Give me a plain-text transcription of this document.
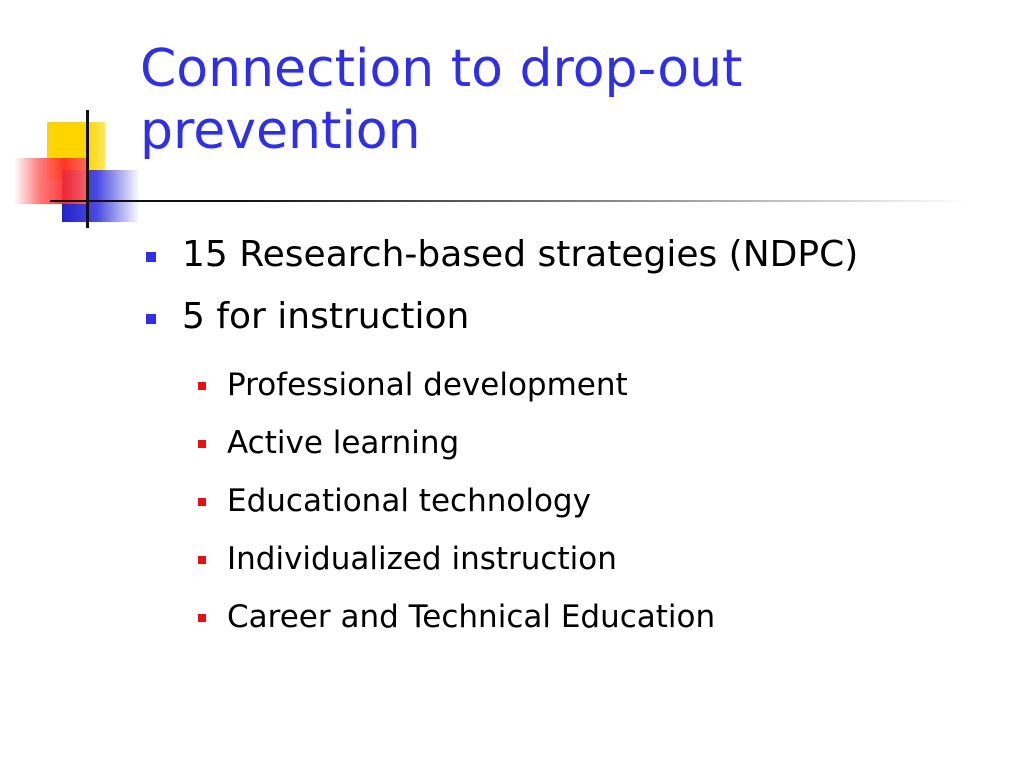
Connection to drop-out
prevention
15 Research-based strategies (NDPC)
5 for instruction
Professional development
Active learning
Educational technology
Individualized instruction
Career and Technical Education
